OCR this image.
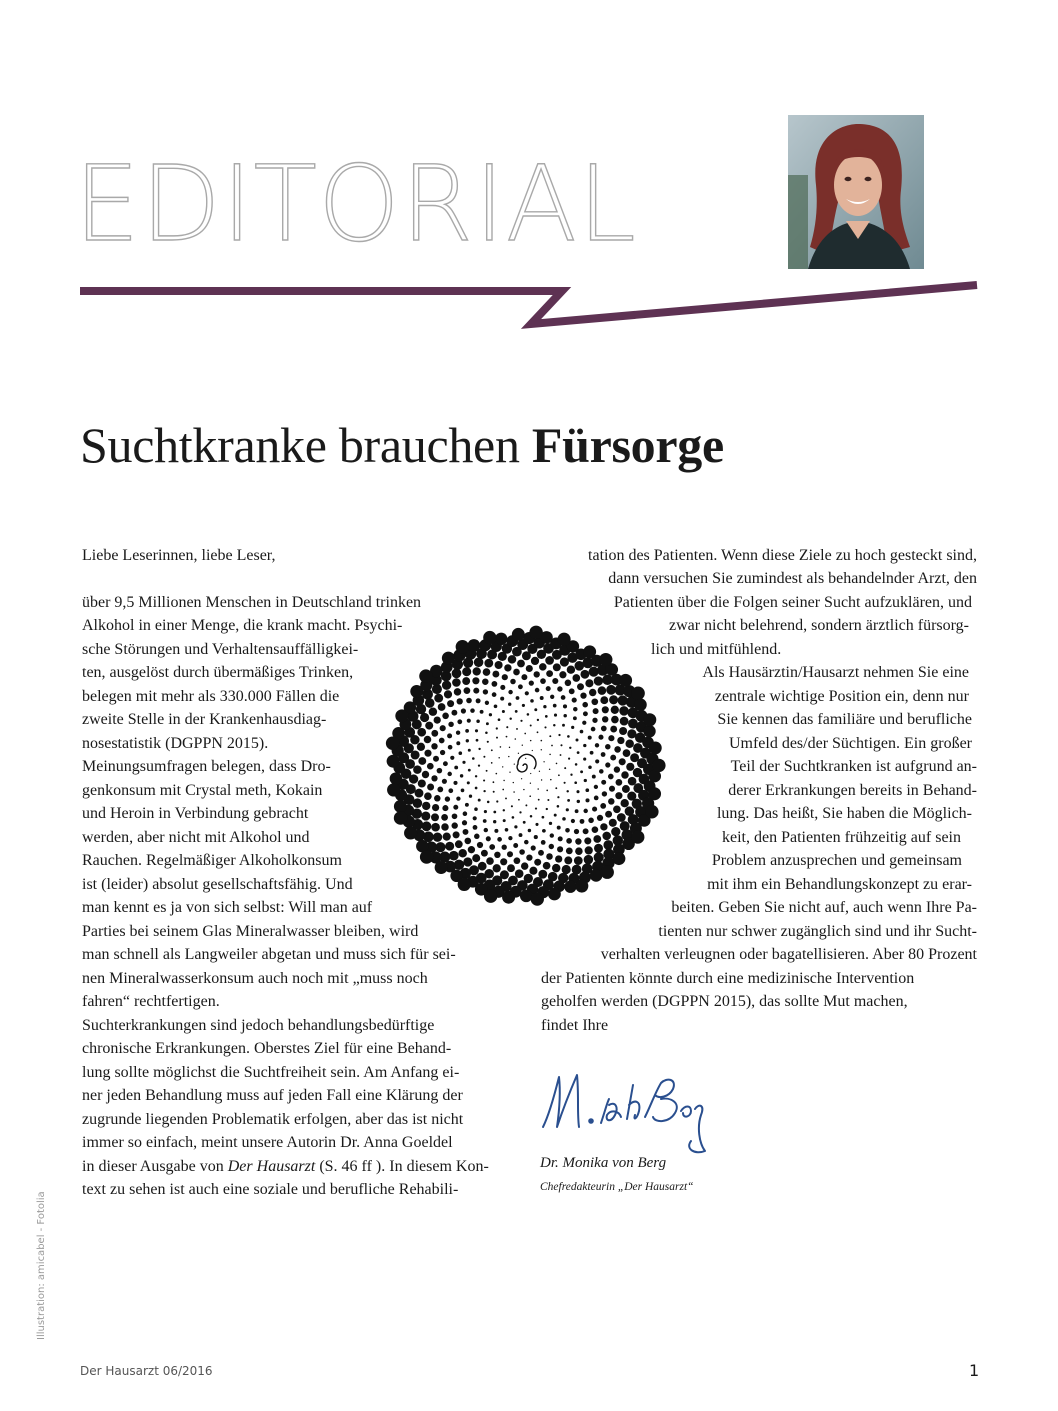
EDITORIAL
Suchtkranke brauchen Fürsorge
Liebe Leserinnen, liebe Leser,
über 9,5 Millionen Menschen in Deutschland trinken
Alkohol in einer Menge, die krank macht. Psychi-
sche Störungen und Verhaltensauffälligkei-
ten, ausgelöst durch übermäßiges Trinken,
belegen mit mehr als 330.000 Fällen die
zweite Stelle in der Krankenhausdiag-
nosestatistik (DGPPN 2015).
Meinungsumfragen belegen, dass Dro-
genkonsum mit Crystal meth, Kokain
und Heroin in Verbindung gebracht
werden, aber nicht mit Alkohol und
Rauchen. Regelmäßiger Alkoholkonsum
ist (leider) absolut gesellschaftsfähig. Und
man kennt es ja von sich selbst: Will man auf
Parties bei seinem Glas Mineralwasser bleiben, wird
man schnell als Langweiler abgetan und muss sich für sei-
nen Mineralwasserkonsum auch noch mit „muss noch
fahren“ rechtfertigen.
Suchterkrankungen sind jedoch behandlungsbedürftige
chronische Erkrankungen. Oberstes Ziel für eine Behand-
lung sollte möglichst die Suchtfreiheit sein. Am Anfang ei-
ner jeden Behandlung muss auf jeden Fall eine Klärung der
zugrunde liegenden Problematik erfolgen, aber das ist nicht
immer so einfach, meint unsere Autorin Dr. Anna Goeldel
in dieser Ausgabe von Der Hausarzt (S. 46 ff ). In diesem Kon-
text zu sehen ist auch eine soziale und berufliche Rehabili-
tation des Patienten. Wenn diese Ziele zu hoch gesteckt sind,
dann versuchen Sie zumindest als behandelnder Arzt, den
Patienten über die Folgen seiner Sucht aufzuklären, und
zwar nicht belehrend, sondern ärztlich fürsorg-
lich und mitfühlend.
Als Hausärztin/Hausarzt nehmen Sie eine
zentrale wichtige Position ein, denn nur
Sie kennen das familiäre und berufliche
Umfeld des/der Süchtigen. Ein großer
Teil der Suchtkranken ist aufgrund an-
derer Erkrankungen bereits in Behand-
lung. Das heißt, Sie haben die Möglich-
keit, den Patienten frühzeitig auf sein
Problem anzusprechen und gemeinsam
mit ihm ein Behandlungskonzept zu erar-
beiten. Geben Sie nicht auf, auch wenn Ihre Pa-
tienten nur schwer zugänglich sind und ihr Sucht-
verhalten verleugnen oder bagatellisieren. Aber 80 Prozent
der Patienten könnte durch eine medizinische Intervention
geholfen werden (DGPPN 2015), das sollte Mut machen,
findet Ihre
Dr. Monika von Berg
Chefredakteurin „Der Hausarzt“
Illustration: amicabel - Fotolia
Der Hausarzt 06/2016	1
